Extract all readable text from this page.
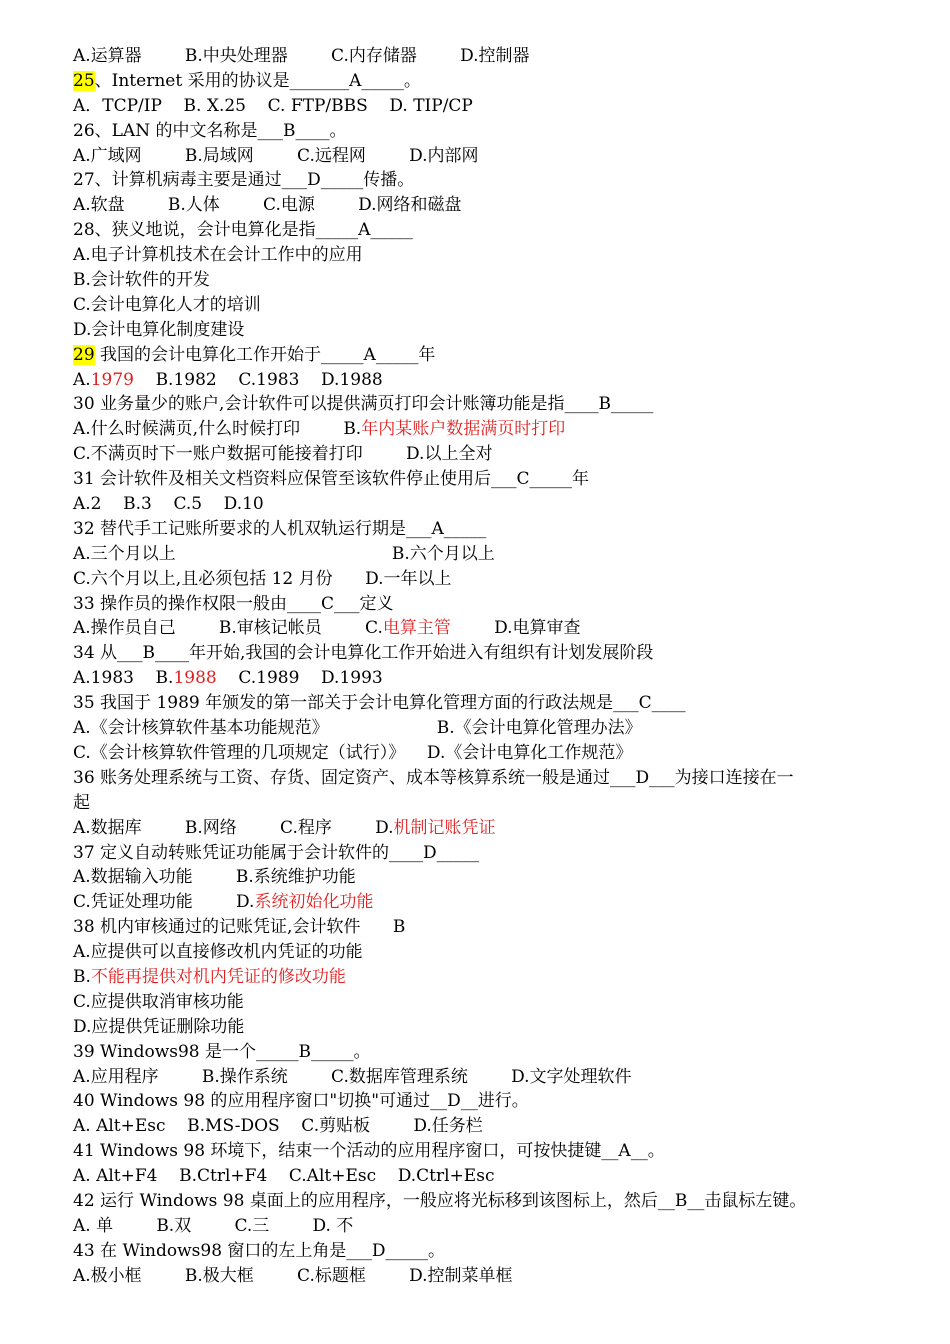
A.运算器        B.中央处理器        C.内存储器        D.控制器
25、Internet 采用的协议是_______A_____。
A．TCP/IP    B. X.25    C. FTP/BBS    D. TIP/CP
26、LAN 的中文名称是___B____。
A.广域网        B.局域网        C.远程网        D.内部网
27、计算机病毒主要是通过___D_____传播。
A.软盘        B.人体        C.电源        D.网络和磁盘
28、狭义地说，会计电算化是指_____A_____
A.电子计算机技术在会计工作中的应用
B.会计软件的开发
C.会计电算化人才的培训
D.会计电算化制度建设
29 我国的会计电算化工作开始于_____A_____年
A.1979    B.1982    C.1983    D.1988
30 业务量少的账户,会计软件可以提供满页打印会计账簿功能是指____B_____
A.什么时候满页,什么时候打印        B.年内某账户数据满页时打印
C.不满页时下一账户数据可能接着打印        D.以上全对
31 会计软件及相关文档资料应保管至该软件停止使用后___C_____年
A.2    B.3    C.5    D.10
32 替代手工记账所要求的人机双轨运行期是___A_____
A.三个月以上                                        B.六个月以上
C.六个月以上,且必须包括 12 月份      D.一年以上
33 操作员的操作权限一般由____C___定义
A.操作员自己        B.审核记帐员        C.电算主管        D.电算审查
34 从___B____年开始,我国的会计电算化工作开始进入有组织有计划发展阶段
A.1983    B.1988    C.1989    D.1993
35 我国于 1989 年颁发的第一部关于会计电算化管理方面的行政法规是___C____
A.《会计核算软件基本功能规范》                    B.《会计电算化管理办法》
C.《会计核算软件管理的几项规定（试行）》    D.《会计电算化工作规范》
36 账务处理系统与工资、存货、固定资产、成本等核算系统一般是通过___D___为接口连接在一
起
A.数据库        B.网络        C.程序        D.机制记账凭证
37 定义自动转账凭证功能属于会计软件的____D_____
A.数据输入功能        B.系统维护功能
C.凭证处理功能        D.系统初始化功能
38 机内审核通过的记账凭证,会计软件      B
A.应提供可以直接修改机内凭证的功能
B.不能再提供对机内凭证的修改功能
C.应提供取消审核功能
D.应提供凭证删除功能
39 Windows98 是一个_____B_____。
A.应用程序        B.操作系统        C.数据库管理系统        D.文字处理软件
40 Windows 98 的应用程序窗口"切换"可通过__D__进行。
A. Alt+Esc    B.MS-DOS    C.剪贴板        D.任务栏
41 Windows 98 环境下，结束一个活动的应用程序窗口，可按快捷键__A__。
A. Alt+F4    B.Ctrl+F4    C.Alt+Esc    D.Ctrl+Esc
42 运行 Windows 98 桌面上的应用程序，一般应将光标移到该图标上，然后__B__击鼠标左键。
A. 单        B.双        C.三        D. 不
43 在 Windows98 窗口的左上角是___D_____。
A.极小框        B.极大框        C.标题框        D.控制菜单框
